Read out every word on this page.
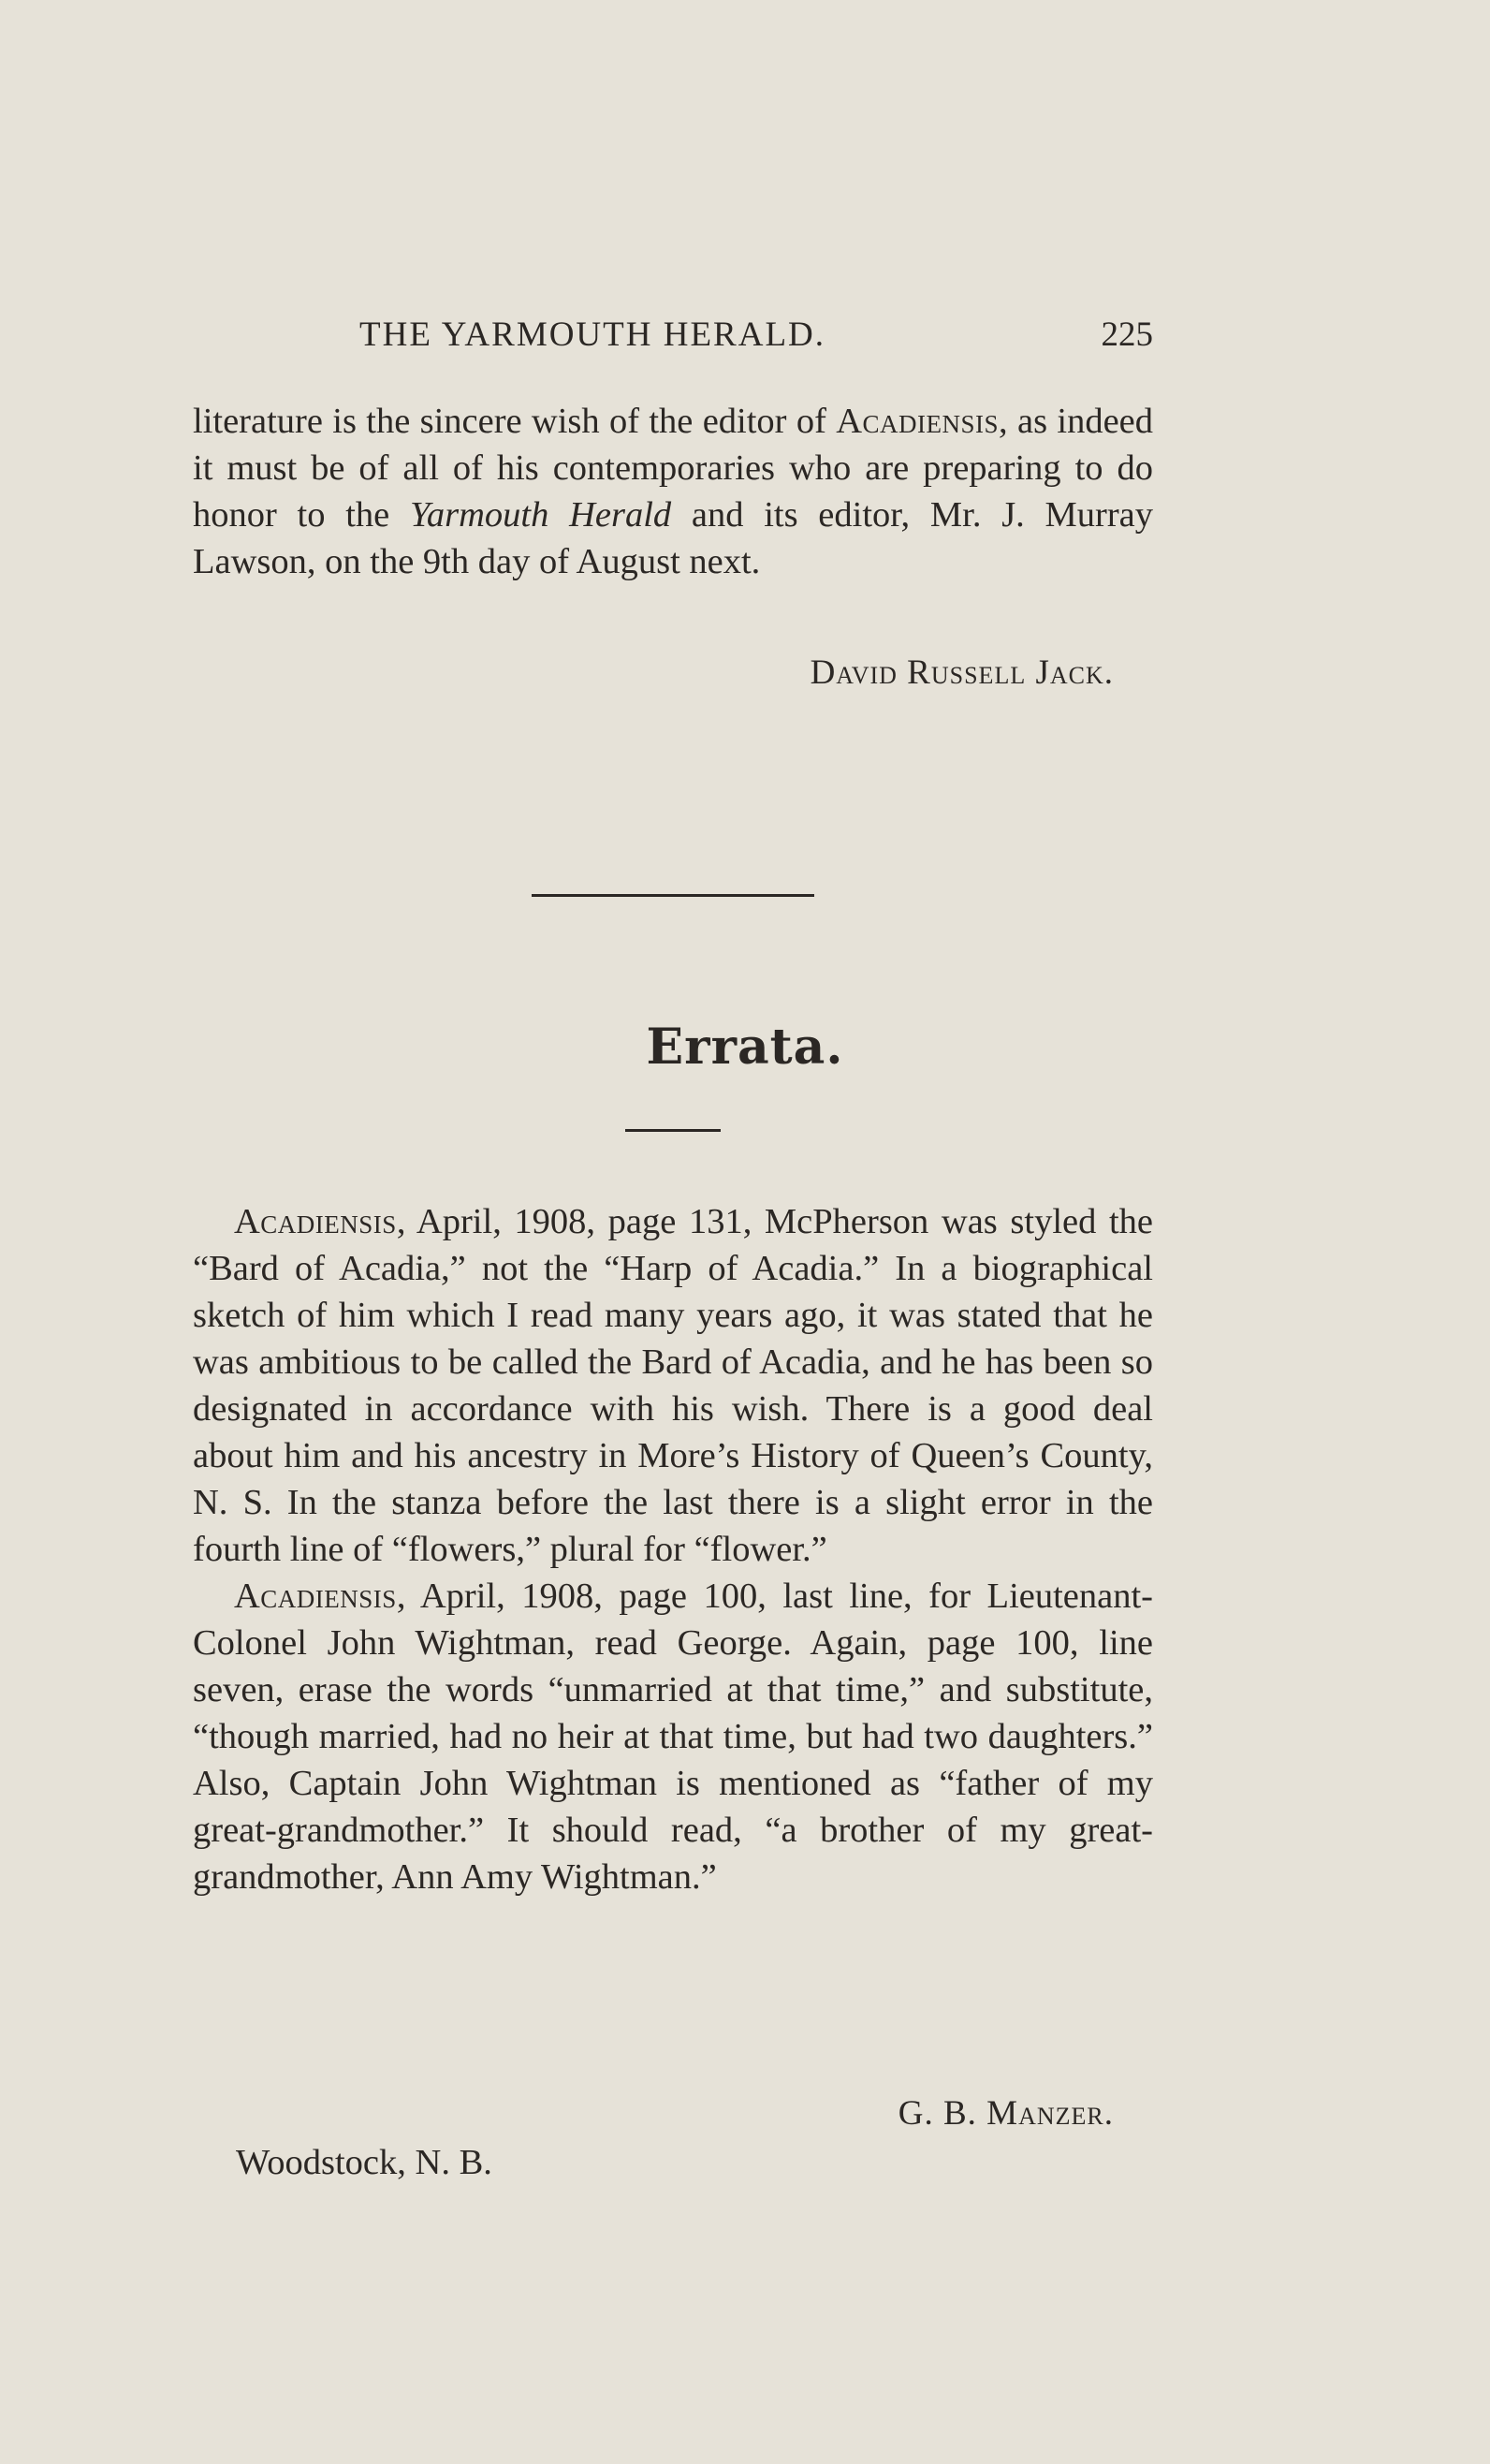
THE YARMOUTH HERALD.	225

literature is the sincere wish of the editor of Acadiensis, as indeed it must be of all of his contemporaries who are preparing to do honor to the Yarmouth Herald and its editor, Mr. J. Murray Lawson, on the 9th day of August next.

David Russell Jack.
Errata.

Acadiensis, April, 1908, page 131, McPherson was styled the “Bard of Acadia,” not the “Harp of Acadia.” In a biographical sketch of him which I read many years ago, it was stated that he was ambitious to be called the Bard of Acadia, and he has been so designated in accordance with his wish. There is a good deal about him and his ancestry in More’s History of Queen’s County, N. S. In the stanza before the last there is a slight error in the fourth line of “flowers,” plural for “flower.”

Acadiensis, April, 1908, page 100, last line, for Lieutenant-Colonel John Wightman, read George. Again, page 100, line seven, erase the words “unmarried at that time,” and substitute, “though married, had no heir at that time, but had two daughters.” Also, Captain John Wightman is mentioned as “father of my great-grandmother.” It should read, “a brother of my great-grandmother, Ann Amy Wightman.”

G. B. Manzer.
Woodstock, N. B.
